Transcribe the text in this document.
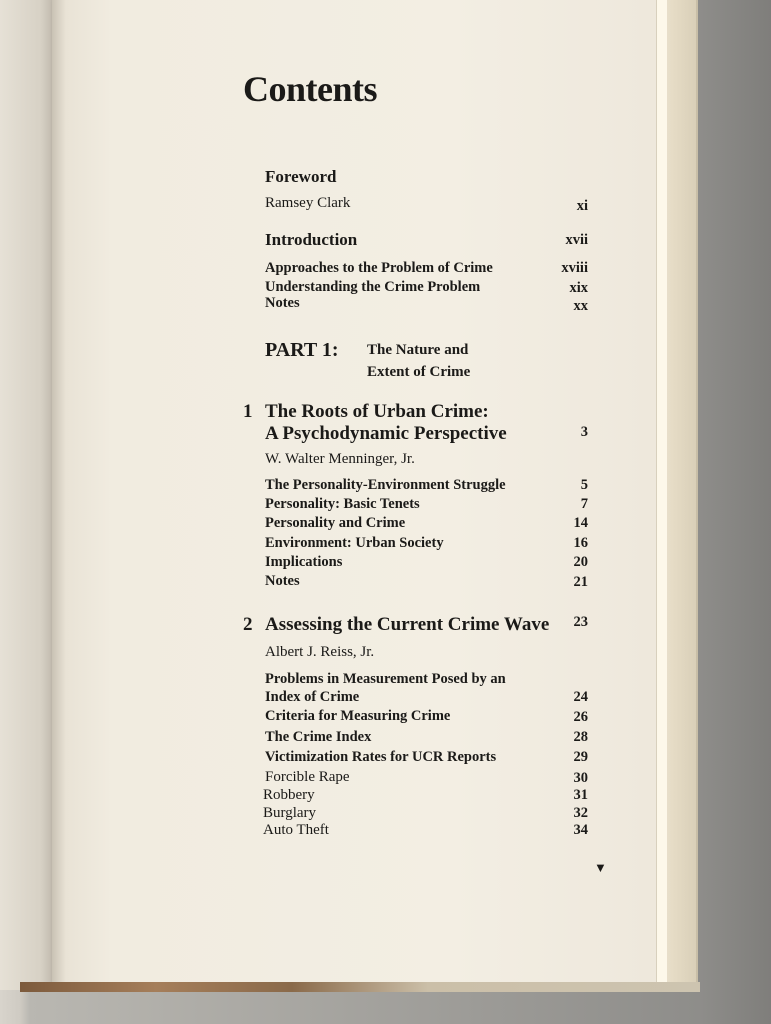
Contents
Foreword
Ramsey Clark	xi
Introduction	xvii
Approaches to the Problem of Crime	xviii
Understanding the Crime Problem	xix
Notes	xx
PART 1: The Nature and
Extent of Crime
1 The Roots of Urban Crime:
A Psychodynamic Perspective	3
W. Walter Menninger, Jr.
The Personality-Environment Struggle	5
Personality: Basic Tenets	7
Personality and Crime	14
Environment: Urban Society	16
Implications	20
Notes	21
2 Assessing the Current Crime Wave 23
Albert J. Reiss, Jr.
Problems in Measurement Posed by an
Index of Crime	24
Criteria for Measuring Crime	26
The Crime Index	28
Victimization Rates for UCR Reports	29
Forcible Rape	30
Robbery	31
Burglary	32
Auto Theft	34
▼
